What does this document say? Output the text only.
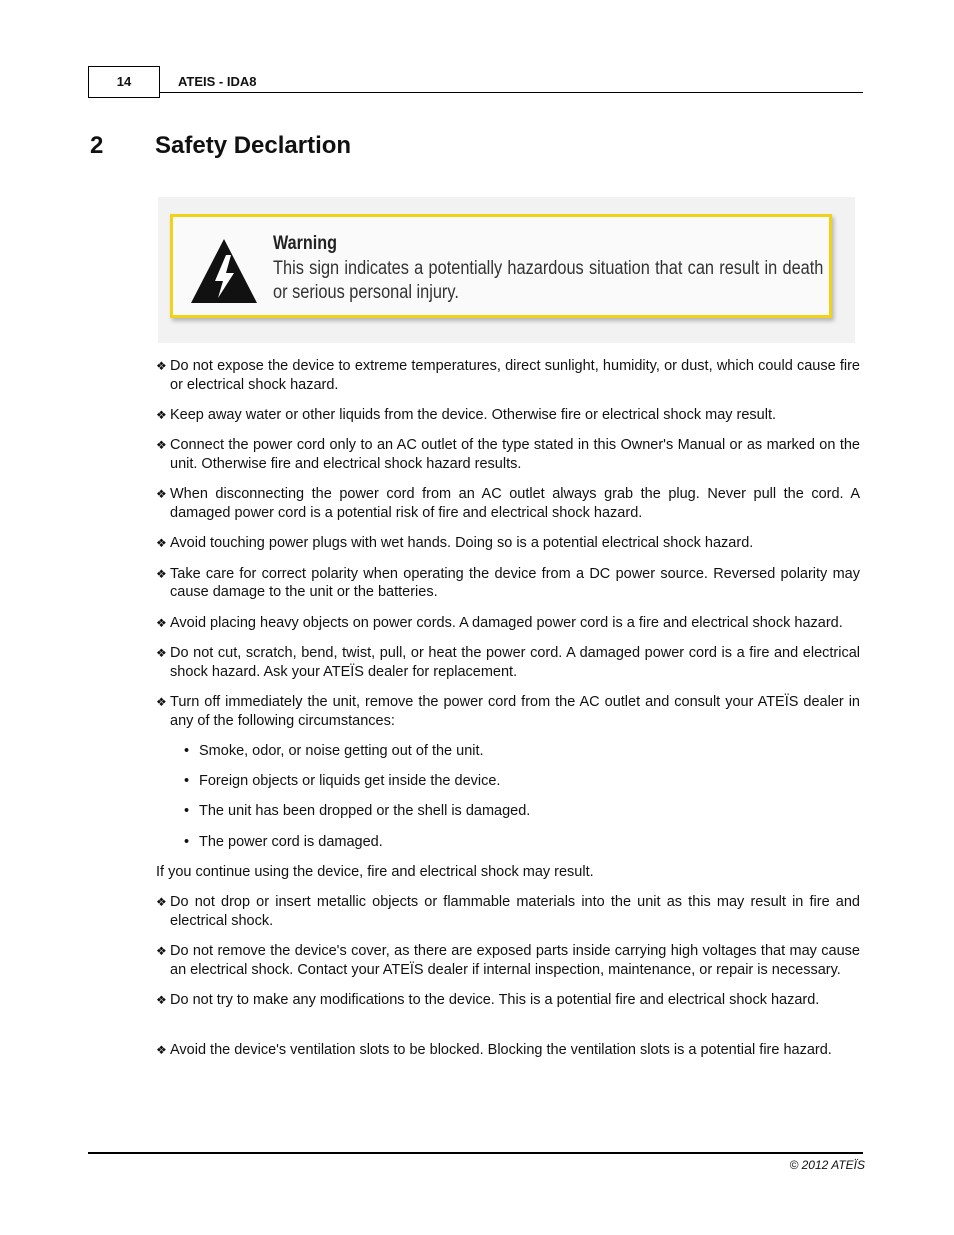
14	ATEIS - IDA8
2 Safety Declartion
Warning
This sign indicates a potentially hazardous situation that can result in death or serious personal injury.
❖ Do not expose the device to extreme temperatures, direct sunlight, humidity, or dust, which could cause fire or electrical shock hazard.
❖ Keep away water or other liquids from the device. Otherwise fire or electrical shock may result.
❖ Connect the power cord only to an AC outlet of the type stated in this Owner's Manual or as marked on the unit. Otherwise fire and electrical shock hazard results.
❖ When disconnecting the power cord from an AC outlet always grab the plug. Never pull the cord. A damaged power cord is a potential risk of fire and electrical shock hazard.
❖ Avoid touching power plugs with wet hands. Doing so is a potential electrical shock hazard.
❖ Take care for correct polarity when operating the device from a DC power source. Reversed polarity may cause damage to the unit or the batteries.
❖ Avoid placing heavy objects on power cords. A damaged power cord is a fire and electrical shock hazard.
❖ Do not cut, scratch, bend, twist, pull, or heat the power cord. A damaged power cord is a fire and electrical shock hazard. Ask your ATEÏS dealer for replacement.
❖ Turn off immediately the unit, remove the power cord from the AC outlet and consult your ATEÏS dealer in any of the following circumstances:
• Smoke, odor, or noise getting out of the unit.
• Foreign objects or liquids get inside the device.
• The unit has been dropped or the shell is damaged.
• The power cord is damaged.
If you continue using the device, fire and electrical shock may result.
❖ Do not drop or insert metallic objects or flammable materials into the unit as this may result in fire and electrical shock.
❖ Do not remove the device's cover, as there are exposed parts inside carrying high voltages that may cause an electrical shock. Contact your ATEÏS dealer if internal inspection, maintenance, or repair is necessary.
❖ Do not try to make any modifications to the device. This is a potential fire and electrical shock hazard.
❖ Avoid the device's ventilation slots to be blocked. Blocking the ventilation slots is a potential fire hazard.
© 2012 ATEÏS
